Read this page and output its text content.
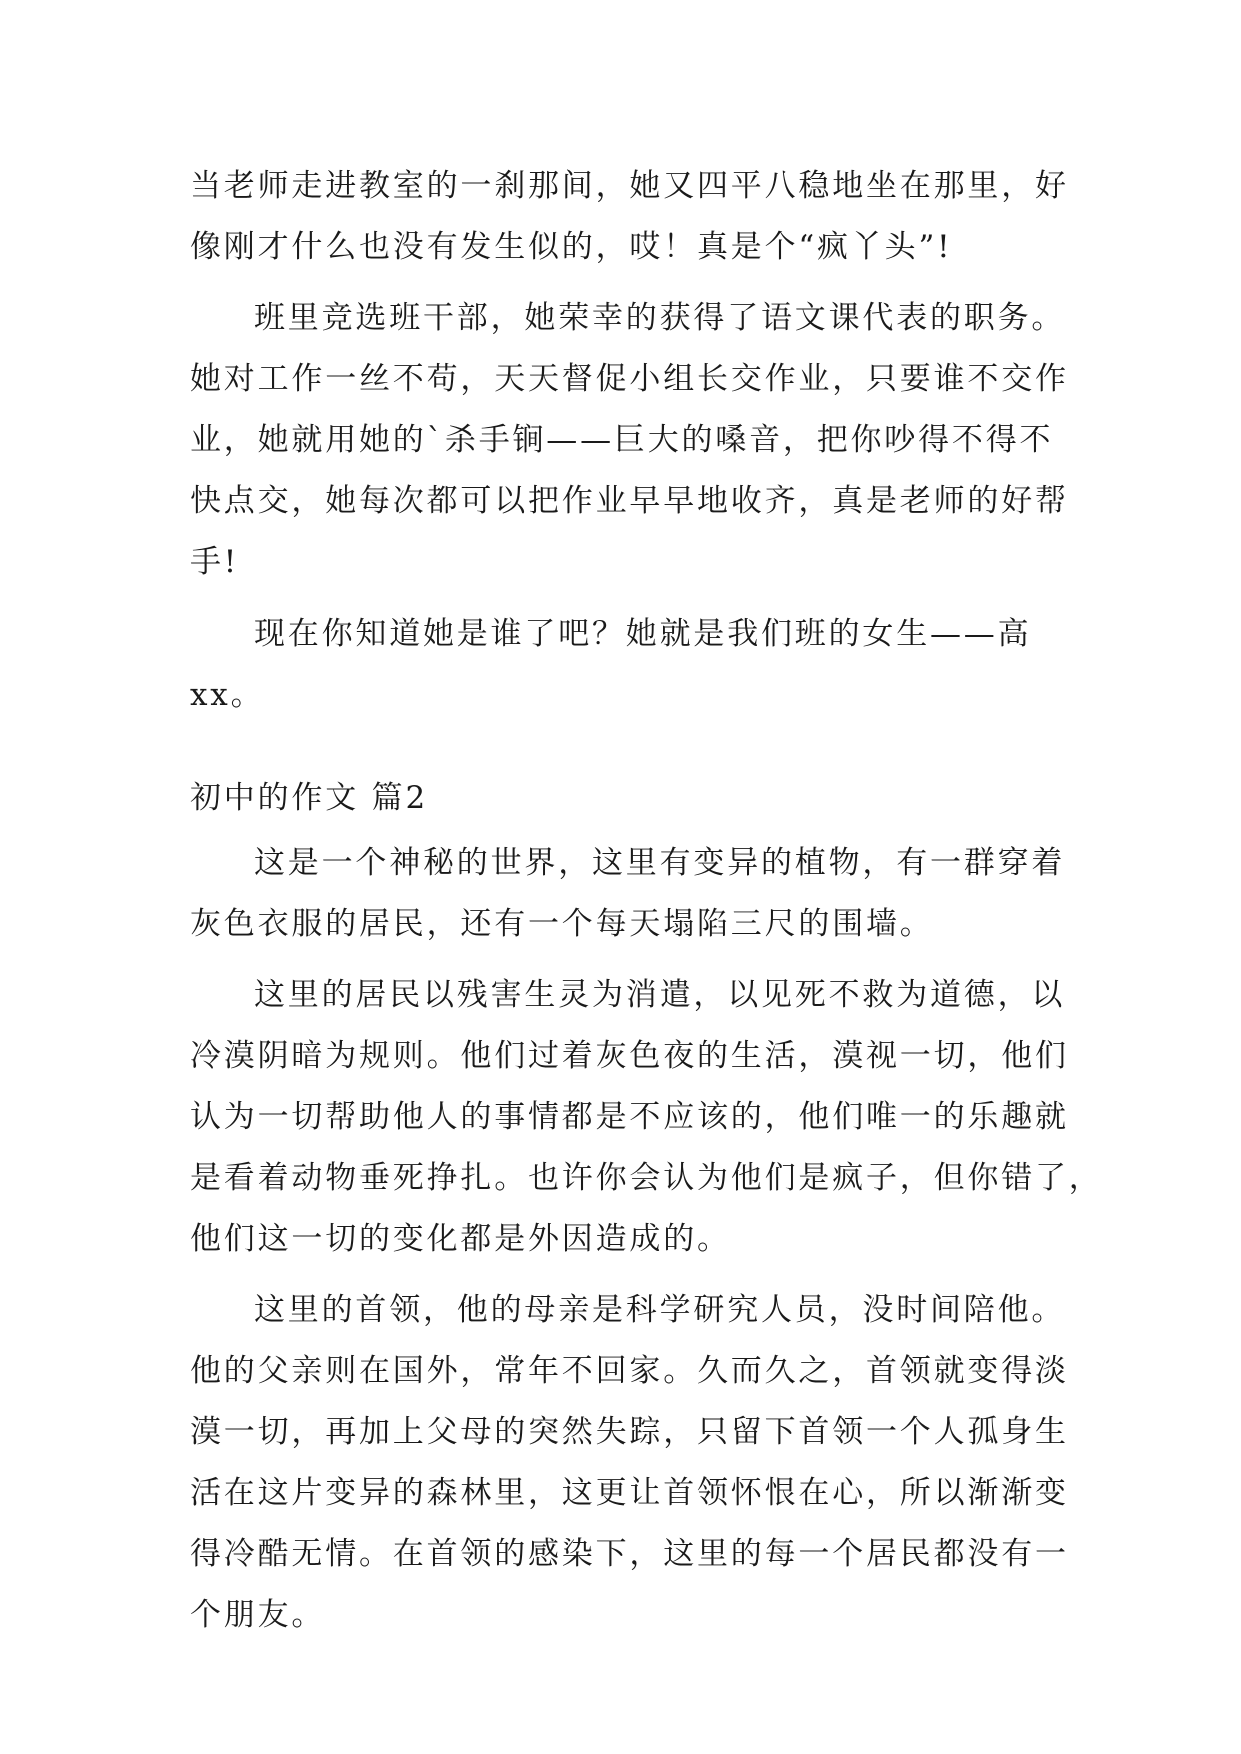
当老师走进教室的一刹那间，她又四平八稳地坐在那里，好
像刚才什么也没有发生似的，哎！真是个“疯丫头”!
班里竞选班干部，她荣幸的获得了语文课代表的职务。
她对工作一丝不苟，天天督促小组长交作业，只要谁不交作
业，她就用她的`杀手锏——巨大的嗓音，把你吵得不得不
快点交，她每次都可以把作业早早地收齐，真是老师的好帮
手!
现在你知道她是谁了吧？她就是我们班的女生——高
xx。
初中的作文 篇2
这是一个神秘的世界，这里有变异的植物，有一群穿着
灰色衣服的居民，还有一个每天塌陷三尺的围墙。
这里的居民以残害生灵为消遣，以见死不救为道德，以
冷漠阴暗为规则。他们过着灰色夜的生活，漠视一切，他们
认为一切帮助他人的事情都是不应该的，他们唯一的乐趣就
是看着动物垂死挣扎。也许你会认为他们是疯子，但你错了，
他们这一切的变化都是外因造成的。
这里的首领，他的母亲是科学研究人员，没时间陪他。
他的父亲则在国外，常年不回家。久而久之，首领就变得淡
漠一切，再加上父母的突然失踪，只留下首领一个人孤身生
活在这片变异的森林里，这更让首领怀恨在心，所以渐渐变
得冷酷无情。在首领的感染下，这里的每一个居民都没有一
个朋友。
